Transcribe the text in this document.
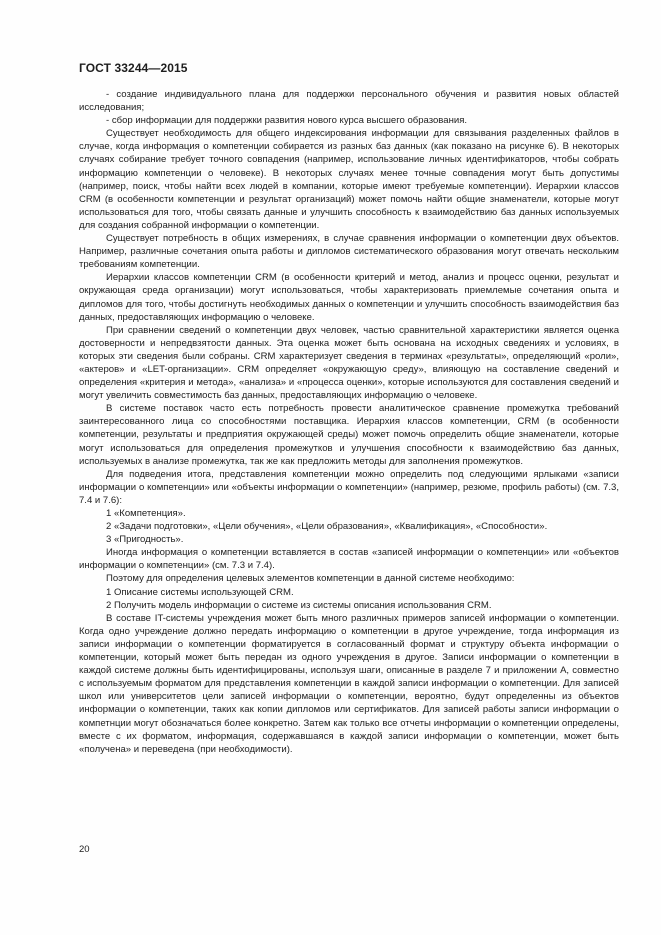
ГОСТ 33244—2015

- создание индивидуального плана для поддержки персонального обучения и развития новых областей исследования;

- сбор информации для поддержки развития нового курса высшего образования.

Существует необходимость для общего индексирования информации для связывания разделенных файлов в случае, когда информация о компетенции собирается из разных баз данных (как показано на рисунке 6). В некоторых случаях собирание требует точного совпадения (например, использование личных идентификаторов, чтобы собрать информацию компетенции о человеке). В некоторых случаях менее точные совпадения могут быть допустимы (например, поиск, чтобы найти всех людей в компании, которые имеют требуемые компетенции). Иерархии классов CRM (в особенности компетенции и результат организаций) может помочь найти общие знаменатели, которые могут использоваться для того, чтобы связать данные и улучшить способность к взаимодействию баз данных используемых для создания собранной информации о компетенции.

Существует потребность в общих измерениях, в случае сравнения информации о компетенции двух объектов. Например, различные сочетания опыта работы и дипломов систематического образования могут отвечать нескольким требованиям компетенции.

Иерархии классов компетенции CRM (в особенности критерий и метод, анализ и процесс оценки, результат и окружающая среда организации) могут использоваться, чтобы характеризовать приемлемые сочетания опыта и дипломов для того, чтобы достигнуть необходимых данных о компетенции и улучшить способность взаимодействия баз данных, предоставляющих информацию о человеке.

При сравнении сведений о компетенции двух человек, частью сравнительной характеристики является оценка достоверности и непредвзятости данных. Эта оценка может быть основана на исходных сведениях и условиях, в которых эти сведения были собраны. CRM характеризует сведения в терминах «результаты», определяющий «роли», «актеров» и «LET-организации». CRM определяет «окружающую среду», влияющую на составление сведений и определения «критерия и метода», «анализа» и «процесса оценки», которые используются для составления сведений и могут увеличить совместимость баз данных, предоставляющих информацию о человеке.

В системе поставок часто есть потребность провести аналитическое сравнение промежутка требований заинтересованного лица со способностями поставщика. Иерархия классов компетенции, CRM (в особенности компетенции, результаты и предприятия окружающей среды) может помочь определить общие знаменатели, которые могут использоваться для определения промежутков и улучшения способности к взаимодействию баз данных, используемых в анализе промежутка, так же как предложить методы для заполнения промежутков.

Для подведения итога, представления компетенции можно определить под следующими ярлыками «записи информации о компетенции» или «объекты информации о компетенции» (например, резюме, профиль работы) (см. 7.3, 7.4 и 7.6):

1 «Компетенция».

2 «Задачи подготовки», «Цели обучения», «Цели образования», «Квалификация», «Способности».

3 «Пригодность».

Иногда информация о компетенции вставляется в состав «записей информации о компетенции» или «объектов информации о компетенции» (см. 7.3 и 7.4).

Поэтому для определения целевых элементов компетенции в данной системе необходимо:

1 Описание системы использующей CRM.

2 Получить модель информации о системе из системы описания использования CRM.

В составе IT-системы учреждения может быть много различных примеров записей информации о компетенции. Когда одно учреждение должно передать информацию о компетенции в другое учреждение, тогда информация из записи информации о компетенции форматируется в согласованный формат и структуру объекта информации о компетенции, который может быть передан из одного учреждения в другое. Записи информации о компетенции в каждой системе должны быть идентифицированы, используя шаги, описанные в разделе 7 и приложении А, совместно с используемым форматом для представления компетенции в каждой записи информации о компетенции. Для записей школ или университетов цели записей информации о компетенции, вероятно, будут определенны из объектов информации о компетенции, таких как копии дипломов или сертификатов. Для записей работы записи информации о компетнции могут обозначаться более конкретно. Затем как только все отчеты информации о компетенции определены, вместе с их форматом, информация, содержавшаяся в каждой записи информации о компетенции, может быть «получена» и переведена (при необходимости).

20
